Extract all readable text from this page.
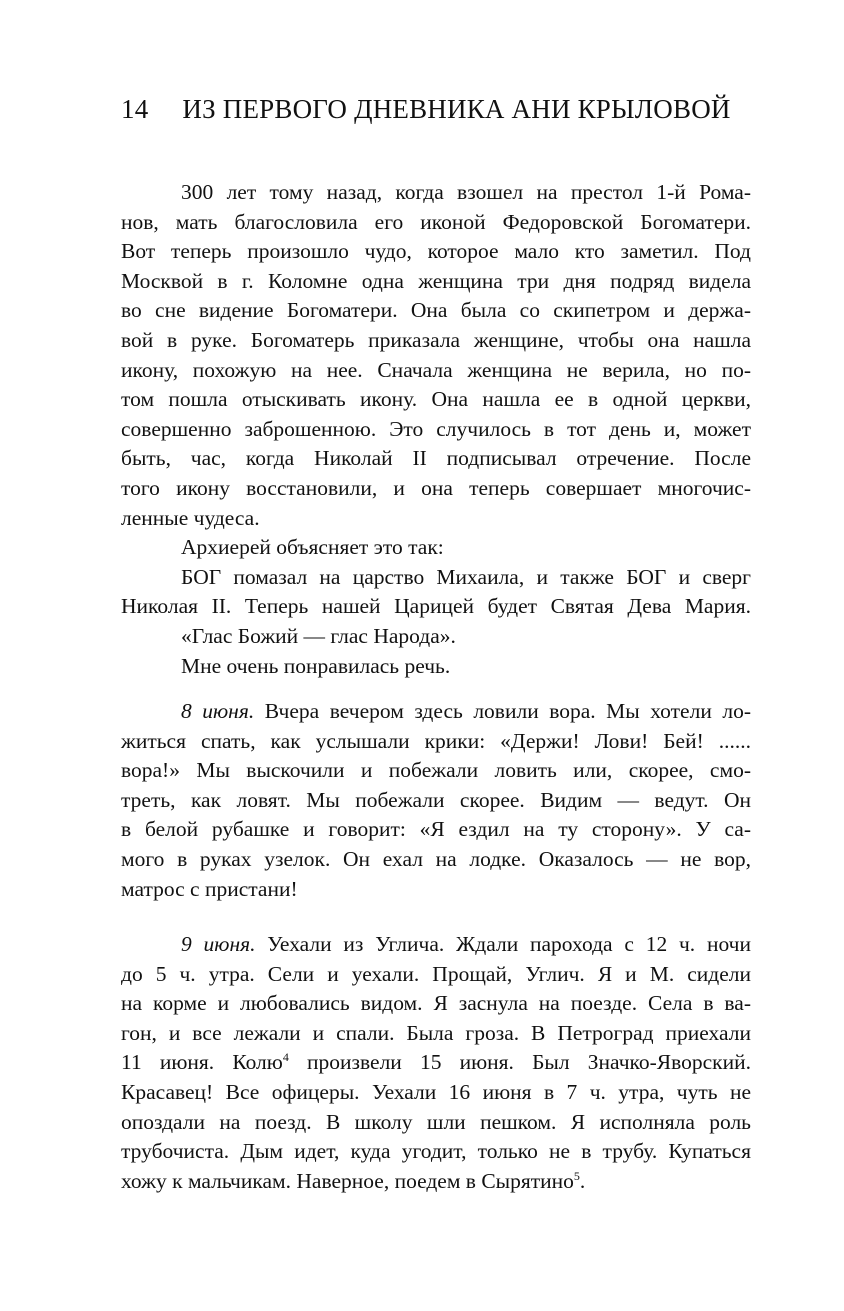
14 ИЗ ПЕРВОГО ДНЕВНИКА АНИ КРЫЛОВОЙ
300 лет тому назад, когда взошел на престол 1-й Рома-
нов, мать благословила его иконой Федоровской Богоматери.
Вот теперь произошло чудо, которое мало кто заметил. Под
Москвой в г. Коломне одна женщина три дня подряд видела
во сне видение Богоматери. Она была со скипетром и держа-
вой в руке. Богоматерь приказала женщине, чтобы она нашла
икону, похожую на нее. Сначала женщина не верила, но по-
том пошла отыскивать икону. Она нашла ее в одной церкви,
совершенно заброшенною. Это случилось в тот день и, может
быть, час, когда Николай II подписывал отречение. После
того икону восстановили, и она теперь совершает многочис-
ленные чудеса.
Архиерей объясняет это так:
БОГ помазал на царство Михаила, и также БОГ и сверг
Николая II. Теперь нашей Царицей будет Святая Дева Мария.
«Глас Божий — глас Народа».
Мне очень понравилась речь.
8 июня. Вчера вечером здесь ловили вора. Мы хотели ло-
житься спать, как услышали крики: «Держи! Лови! Бей! ......
вора!» Мы выскочили и побежали ловить или, скорее, смо-
треть, как ловят. Мы побежали скорее. Видим — ведут. Он
в белой рубашке и говорит: «Я ездил на ту сторону». У са-
мого в руках узелок. Он ехал на лодке. Оказалось — не вор,
матрос с пристани!
9 июня. Уехали из Углича. Ждали парохода с 12 ч. ночи
до 5 ч. утра. Сели и уехали. Прощай, Углич. Я и М. сидели
на корме и любовались видом. Я заснула на поезде. Села в ва-
гон, и все лежали и спали. Была гроза. В Петроград приехали
11 июня. Колю$^4$ произвели 15 июня. Был Значко-Яворский.
Красавец! Все офицеры. Уехали 16 июня в 7 ч. утра, чуть не
опоздали на поезд. В школу шли пешком. Я исполняла роль
трубочиста. Дым идет, куда угодит, только не в трубу. Купаться
хожу к мальчикам. Наверное, поедем в Сырятино$^5$.
